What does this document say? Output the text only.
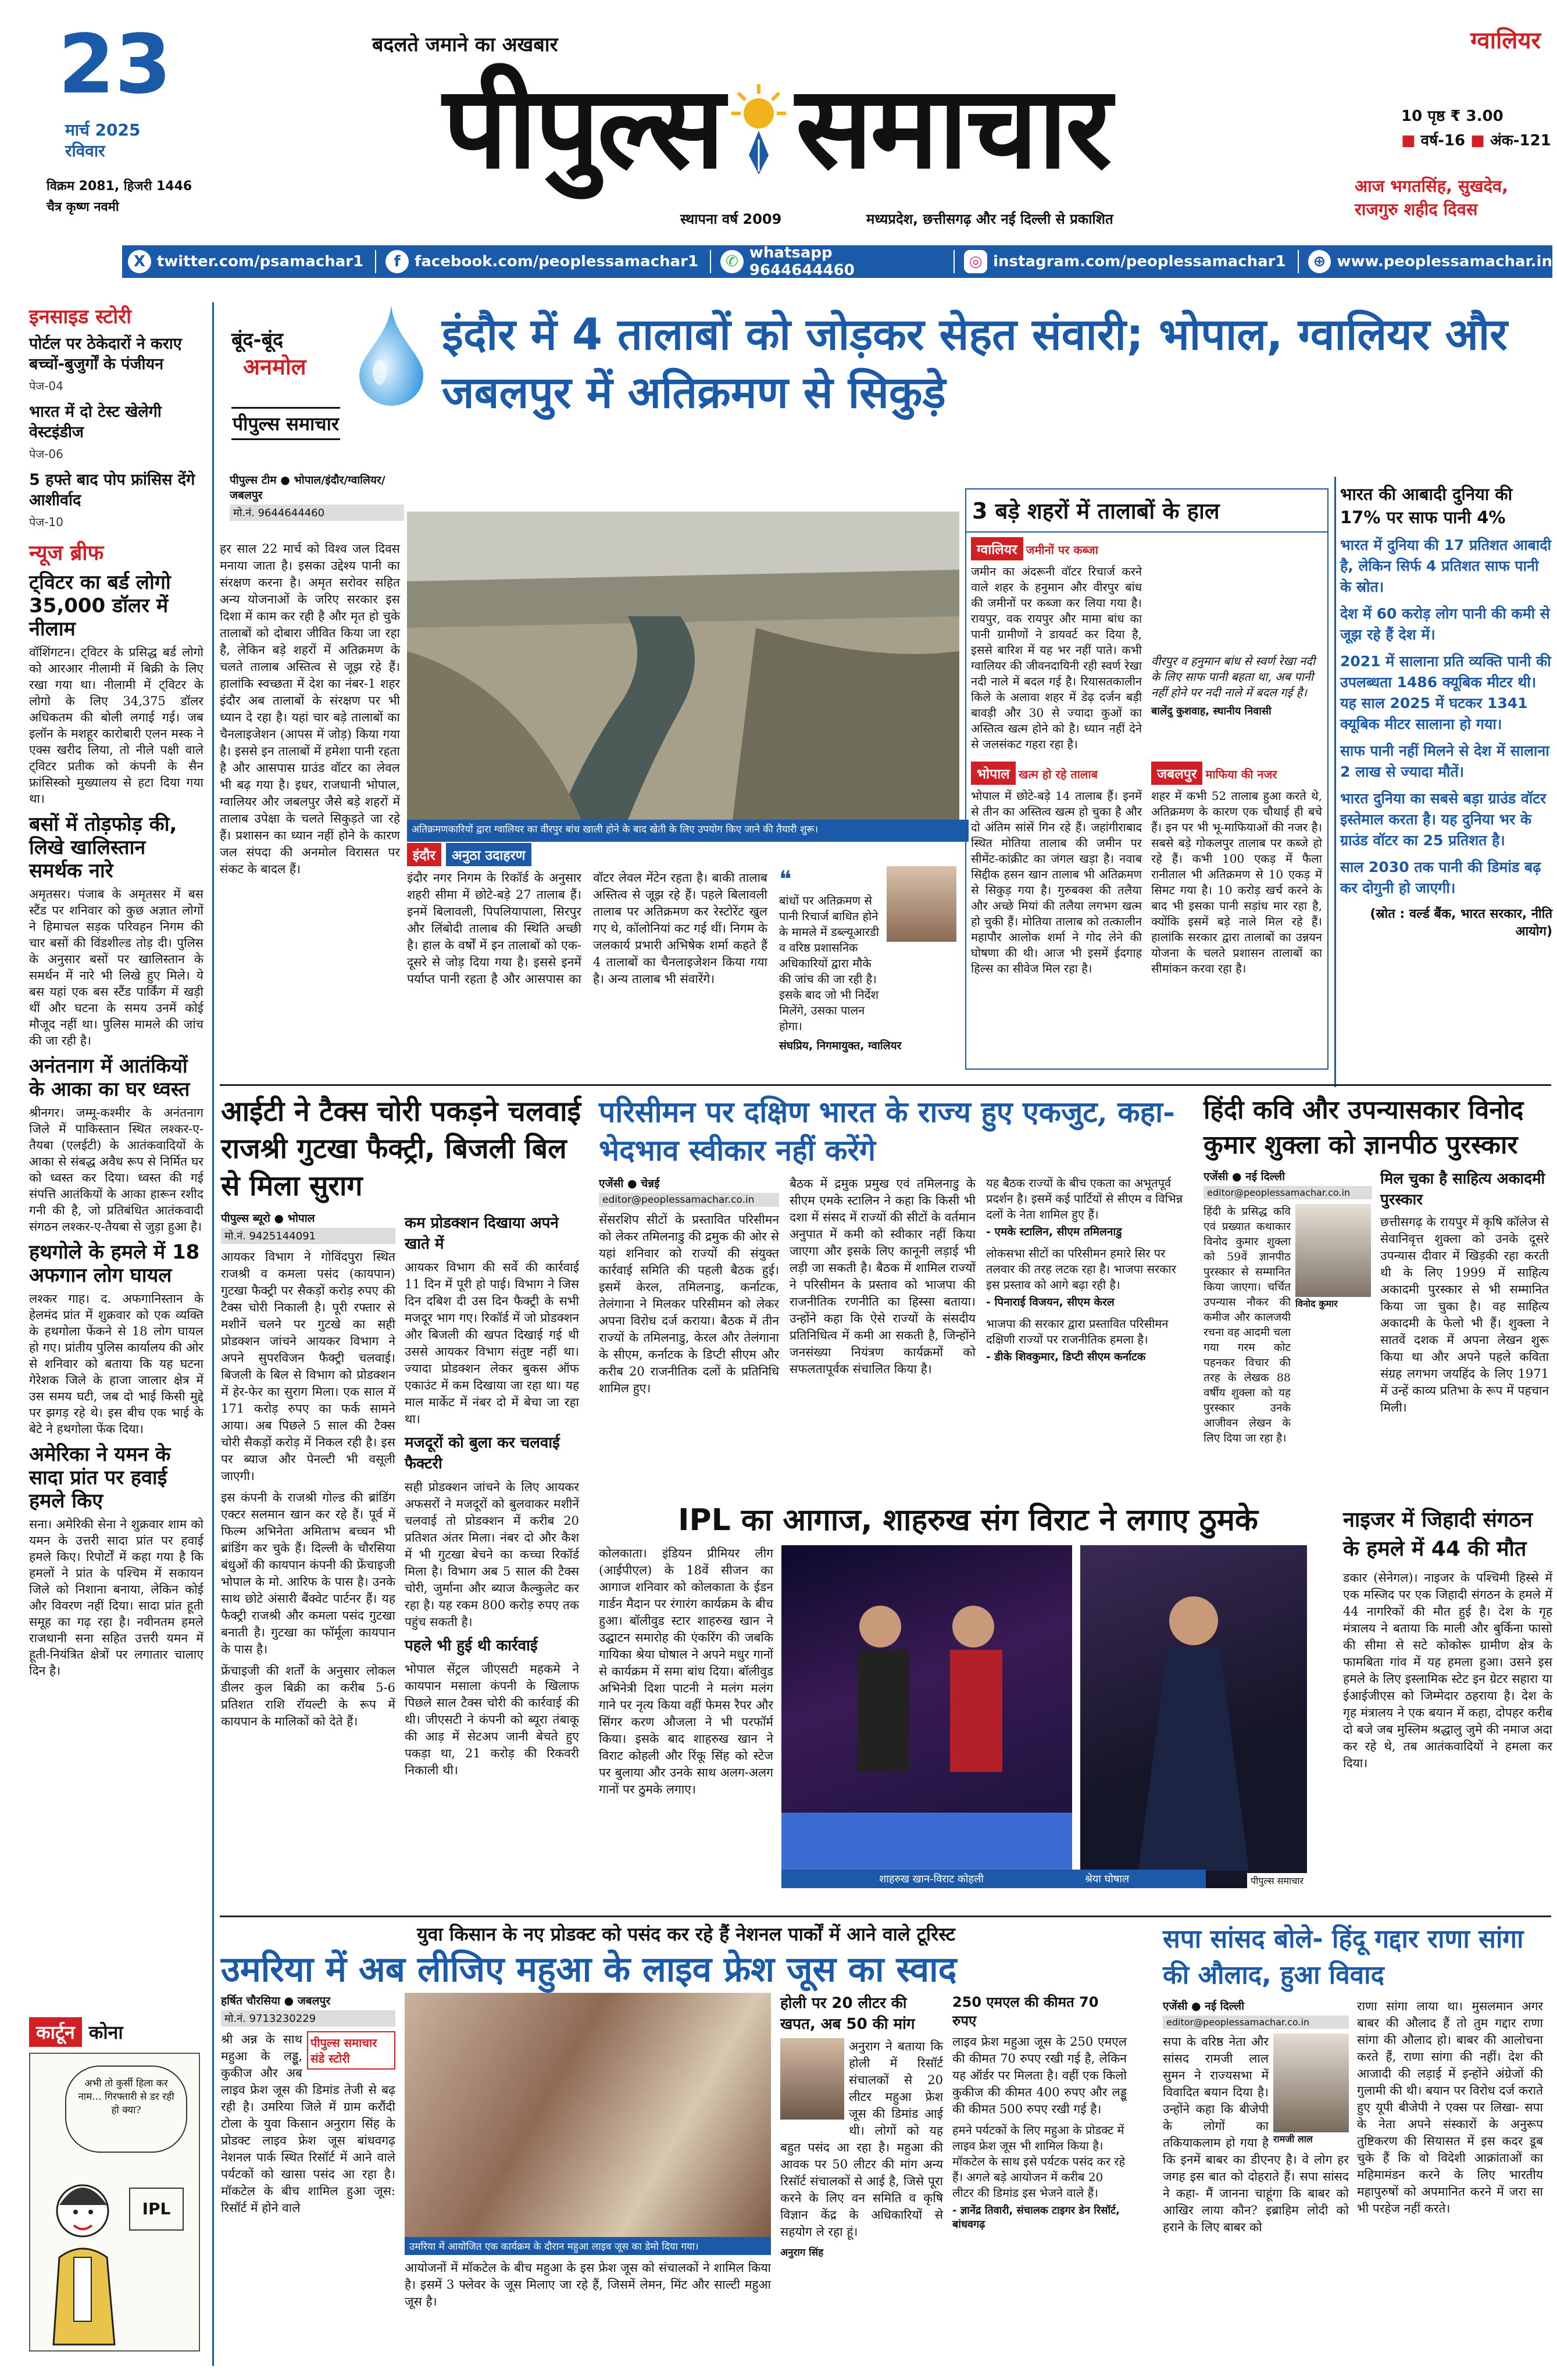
23
मार्च 2025
रविवार
विक्रम 2081, हिजरी 1446
चैत्र कृष्ण नवमी
बदलते जमाने का अखबार
पीपुल्स समाचार
स्थापना वर्ष 2009	मध्यप्रदेश, छत्तीसगढ़ और नई दिल्ली से प्रकाशित
ग्वालियर
10 पृष्ठ ₹ 3.00
■ वर्ष-16 ■ अंक-121
आज भगतसिंह, सुखदेव, राजगुरु शहीद दिवस
X twitter.com/psamachar1	f facebook.com/peoplessamachar1	✆ whatsapp 9644644460	◎ instagram.com/peoplessamachar1	⊕ www.peoplessamachar.in
इनसाइड स्टोरी
पोर्टल पर ठेकेदारों ने कराए बच्चों-बुजुर्गों के पंजीयन
पेज-04
भारत में दो टेस्ट खेलेगी वेस्टइंडीज
पेज-06
5 हफ्ते बाद पोप फ्रांसिस देंगे आशीर्वाद
पेज-10
न्यूज ब्रीफ
ट्विटर का बर्ड लोगो 35,000 डॉलर में नीलाम
वॉशिंगटन। ट्विटर के प्रसिद्ध बर्ड लोगो को आरआर नीलामी में बिक्री के लिए रखा गया था। नीलामी में ट्विटर के लोगो के लिए 34,375 डॉलर अधिकतम की बोली लगाई गई। जब इलॉन के मशहूर कारोबारी एलन मस्क ने एक्स खरीद लिया, तो नीले पक्षी वाले ट्विटर प्रतीक को कंपनी के सैन फ्रांसिस्को मुख्यालय से हटा दिया गया था।
बसों में तोड़फोड़ की, लिखे खालिस्तान समर्थक नारे
अमृतसर। पंजाब के अमृतसर में बस स्टैंड पर शनिवार को कुछ अज्ञात लोगों ने हिमाचल सड़क परिवहन निगम की चार बसों की विंडशील्ड तोड़ दी। पुलिस के अनुसार बसों पर खालिस्तान के समर्थन में नारे भी लिखे हुए मिले। ये बस यहां एक बस स्टैंड पार्किंग में खड़ी थीं और घटना के समय उनमें कोई मौजूद नहीं था। पुलिस मामले की जांच की जा रही है।
अनंतनाग में आतंकियों के आका का घर ध्वस्त
श्रीनगर। जम्मू-कश्मीर के अनंतनाग जिले में पाकिस्तान स्थित लश्कर-ए-तैयबा (एलईटी) के आतंकवादियों के आका से संबद्ध अवैध रूप से निर्मित घर को ध्वस्त कर दिया। ध्वस्त की गई संपत्ति आतंकियों के आका हारून रशीद गनी की है, जो प्रतिबंधित आतंकवादी संगठन लश्कर-ए-तैयबा से जुड़ा हुआ है।
हथगोले के हमले में 18 अफगान लोग घायल
लश्कर गाह। द. अफगानिस्तान के हेलमंद प्रांत में शुक्रवार को एक व्यक्ति के हथगोला फेंकने से 18 लोग घायल हो गए। प्रांतीय पुलिस कार्यालय की ओर से शनिवार को बताया कि यह घटना गेरेशक जिले के हाजा जालार क्षेत्र में उस समय घटी, जब दो भाई किसी मुद्दे पर झगड़ रहे थे। इस बीच एक भाई के बेटे ने हथगोला फेंक दिया।
अमेरिका ने यमन के सादा प्रांत पर हवाई हमले किए
सना। अमेरिकी सेना ने शुक्रवार शाम को यमन के उत्तरी सादा प्रांत पर हवाई हमले किए। रिपोर्टों में कहा गया है कि हमलों ने प्रांत के पश्चिम में सकायन जिले को निशाना बनाया, लेकिन कोई और विवरण नहीं दिया। सादा प्रांत हूती समूह का गढ़ रहा है। नवीनतम हमले राजधानी सना सहित उत्तरी यमन में हूती-नियंत्रित क्षेत्रों पर लगातार चालाए दिन है।
कार्टून कोना
अभी तो कुर्सी हिला कर नाम... गिरफ्तारी से डर रही हो क्या?
IPL
बूंद-बूंद
अनमोल
पीपुल्स समाचार
इंदौर में 4 तालाबों को जोड़कर सेहत संवारी; भोपाल, ग्वालियर और जबलपुर में अतिक्रमण से सिकुड़े
पीपुल्स टीम ● भोपाल/इंदौर/ग्वालियर/जबलपुर
मो.नं. 9644644460
अतिक्रमणकारियों द्वारा ग्वालियर का वीरपुर बांध खाली होने के बाद खेती के लिए उपयोग किए जाने की तैयारी शुरू।

हर साल 22 मार्च को विश्व जल दिवस मनाया जाता है। इसका उद्देश्य पानी का संरक्षण करना है। अमृत सरोवर सहित अन्य योजनाओं के जरिए सरकार इस दिशा में काम कर रही है और मृत हो चुके तालाबों को दोबारा जीवित किया जा रहा है, लेकिन बड़े शहरों में अतिक्रमण के चलते तालाब अस्तित्व से जूझ रहे हैं। हालांकि स्वच्छता में देश का नंबर-1 शहर इंदौर अब तालाबों के संरक्षण पर भी ध्यान दे रहा है। यहां चार बड़े तालाबों का चैनलाइजेशन (आपस में जोड़) किया गया है। इससे इन तालाबों में हमेशा पानी रहता है और आसपास ग्राउंड वॉटर का लेवल भी बढ़ गया है। इधर, राजधानी भोपाल, ग्वालियर और जबलपुर जैसे बड़े शहरों में तालाब उपेक्षा के चलते सिकुड़ते जा रहे हैं। प्रशासन का ध्यान नहीं होने के कारण जल संपदा की अनमोल विरासत पर संकट के बादल हैं।

इंदौर	अनुठा उदाहरण
इंदौर नगर निगम के रिकॉर्ड के अनुसार शहरी सीमा में छोटे-बड़े 27 तालाब हैं। इनमें बिलावली, पिपलियापाला, सिरपुर और लिंबोदी तालाब की स्थिति अच्छी है। हाल के वर्षों में इन तालाबों को एक-दूसरे से जोड़ दिया गया है। इससे इनमें पर्याप्त पानी रहता है और आसपास का वॉटर लेवल मेंटेन रहता है। बाकी तालाब अस्तित्व से जूझ रहे हैं। पहले बिलावली तालाब पर अतिक्रमण कर रेस्टोरेंट खुल गए थे, कॉलोनियां कट गई थीं। निगम के जलकार्य प्रभारी अभिषेक शर्मा कहते हैं 4 तालाबों का चैनलाइजेशन किया गया है। अन्य तालाब भी संवारेंगे।
❝
बांधों पर अतिक्रमण से पानी रिचार्ज बाधित होने के मामले में डब्ल्यूआरडी व वरिष्ठ प्रशासनिक अधिकारियों द्वारा मौके की जांच की जा रही है। इसके बाद जो भी निर्देश मिलेंगे, उसका पालन होगा।
संघप्रिय, निगमायुक्त, ग्वालियर
3 बड़े शहरों में तालाबों के हाल
ग्वालियर जमीनों पर कब्जा
जमीन का अंदरूनी वॉटर रिचार्ज करने वाले शहर के हनुमान और वीरपुर बांध की जमीनों पर कब्जा कर लिया गया है। रायपुर, वक रायपुर और मामा बांध का पानी ग्रामीणों ने डायवर्ट कर दिया है, इससे बारिश में यह भर नहीं पाते। कभी ग्वालियर की जीवनदायिनी रही स्वर्ण रेखा नदी नाले में बदल गई है। रियासतकालीन किले के अलावा शहर में डेढ़ दर्जन बड़ी बावड़ी और 30 से ज्यादा कुओं का अस्तित्व खत्म होने को है। ध्यान नहीं देने से जलसंकट गहरा रहा है।
वीरपुर व हनुमान बांध से स्वर्ण रेखा नदी के लिए साफ पानी बहता था, अब पानी नहीं होने पर नदी नाले में बदल गई है।
बालेंदु कुशवाह, स्थानीय निवासी
भोपाल खत्म हो रहे तालाब
भोपाल में छोटे-बड़े 14 तालाब हैं। इनमें से तीन का अस्तित्व खत्म हो चुका है और दो अंतिम सांसें गिन रहे हैं। जहांगीराबाद स्थित मोतिया तालाब की जमीन पर सीमेंट-कांक्रीट का जंगल खड़ा है। नवाब सिद्दीक हसन खान तालाब भी अतिक्रमण से सिकुड़ गया है। गुरुबक्श की तलैया और अच्छे मियां की तलैया लगभग खत्म हो चुकी हैं। मोतिया तालाब को तत्कालीन महापौर आलोक शर्मा ने गोद लेने की घोषणा की थी। आज भी इसमें ईदगाह हिल्स का सीवेज मिल रहा है।
जबलपुर माफिया की नजर
शहर में कभी 52 तालाब हुआ करते थे, अतिक्रमण के कारण एक चौथाई ही बचे हैं। इन पर भी भू-माफियाओं की नजर है। सबसे बड़े गोकलपुर तालाब पर कब्जे हो रहे हैं। कभी 100 एकड़ में फैला रानीताल भी अतिक्रमण से 10 एकड़ में सिमट गया है। 10 करोड़ खर्च करने के बाद भी इसका पानी सड़ांध मार रहा है, क्योंकि इसमें बड़े नाले मिल रहे हैं। हालांकि सरकार द्वारा तालाबों का उन्नयन योजना के चलते प्रशासन तालाबों का सीमांकन करवा रहा है।
भारत की आबादी दुनिया की 17% पर साफ पानी 4%
भारत में दुनिया की 17 प्रतिशत आबादी है, लेकिन सिर्फ 4 प्रतिशत साफ पानी के स्रोत।
देश में 60 करोड़ लोग पानी की कमी से जूझ रहे हैं देश में।
2021 में सालाना प्रति व्यक्ति पानी की उपलब्धता 1486 क्यूबिक मीटर थी। यह साल 2025 में घटकर 1341 क्यूबिक मीटर सालाना हो गया।
साफ पानी नहीं मिलने से देश में सालाना 2 लाख से ज्यादा मौतें।
भारत दुनिया का सबसे बड़ा ग्राउंड वॉटर इस्तेमाल करता है। यह दुनिया भर के ग्राउंड वॉटर का 25 प्रतिशत है।
साल 2030 तक पानी की डिमांड बढ़ कर दोगुनी हो जाएगी।
(स्रोत : वर्ल्ड बैंक, भारत सरकार, नीति आयोग)
आईटी ने टैक्स चोरी पकड़ने चलवाई राजश्री गुटखा फैक्ट्री, बिजली बिल से मिला सुराग
पीपुल्स ब्यूरो ● भोपाल
मो.नं. 9425144091

आयकर विभाग ने गोविंदपुरा स्थित राजश्री व कमला पसंद (कायपान) गुटखा फैक्ट्री पर सैकड़ों करोड़ रुपए की टैक्स चोरी निकाली है। पूरी रफ्तार से मशीनें चलने पर गुटखे का सही प्रोडक्शन जांचने आयकर विभाग ने अपने सुपरविजन फैक्ट्री चलवाई। बिजली के बिल से विभाग को प्रोडक्शन में हेर-फेर का सुराग मिला। एक साल में 171 करोड़ रुपए का फर्क सामने आया। अब पिछले 5 साल की टैक्स चोरी सैकड़ों करोड़ में निकल रही है। इस पर ब्याज और पेनल्टी भी वसूली जाएगी।

इस कंपनी के राजश्री गोल्ड की ब्रांडिंग एक्टर सलमान खान कर रहे हैं। पूर्व में फिल्म अभिनेता अमिताभ बच्चन भी ब्रांडिंग कर चुके हैं। दिल्ली के चौरसिया बंधुओं की कायपान कंपनी की फ्रेंचाइजी भोपाल के मो. आरिफ के पास है। उनके साथ छोटे अंसारी बैंक्वेट पार्टनर हैं। यह फैक्ट्री राजश्री और कमला पसंद गुटखा बनाती है। गुटखा का फॉर्मूला कायपान के पास है।

फ्रेंचाइजी की शर्तों के अनुसार लोकल डीलर कुल बिक्री का करीब 5-6 प्रतिशत राशि रॉयल्टी के रूप में कायपान के मालिकों को देते हैं।

कम प्रोडक्शन दिखाया अपने खाते में

आयकर विभाग की सर्वे की कार्रवाई 11 दिन में पूरी हो पाई। विभाग ने जिस दिन दबिश दी उस दिन फैक्ट्री के सभी मजदूर भाग गए। रिकॉर्ड में जो प्रोडक्शन और बिजली की खपत दिखाई गई थी उससे आयकर विभाग संतुष्ट नहीं था। ज्यादा प्रोडक्शन लेकर बुकस ऑफ एकाउंट में कम दिखाया जा रहा था। यह माल मार्केट में नंबर दो में बेचा जा रहा था।

मजदूरों को बुला कर चलवाई फैक्टरी

सही प्रोडक्शन जांचने के लिए आयकर अफसरों ने मजदूरों को बुलवाकर मशीनें चलवाई तो प्रोडक्शन में करीब 20 प्रतिशत अंतर मिला। नंबर दो और कैश में भी गुटखा बेचने का कच्चा रिकॉर्ड मिला है। विभाग अब 5 साल की टैक्स चोरी, जुर्माना और ब्याज कैल्कुलेट कर रहा है। यह रकम 800 करोड़ रुपए तक पहुंच सकती है।

पहले भी हुई थी कार्रवाई

भोपाल सेंट्रल जीएसटी महकमे ने कायपान मसाला कंपनी के खिलाफ पिछले साल टैक्स चोरी की कार्रवाई की थी। जीएसटी ने कंपनी को ब्यूरा तंबाकू की आड़ में सेटअप जानी बेचते हुए पकड़ा था, 21 करोड़ की रिकवरी निकाली थी।

परिसीमन पर दक्षिण भारत के राज्य हुए एकजुट, कहा- भेदभाव स्वीकार नहीं करेंगे
एजेंसी ● चेन्नई
editor@peoplessamachar.co.in

सेंसरशिप सीटों के प्रस्तावित परिसीमन को लेकर तमिलनाडु की द्रमुक की ओर से यहां शनिवार को राज्यों की संयुक्त कार्रवाई समिति की पहली बैठक हुई। इसमें केरल, तमिलनाडु, कर्नाटक, तेलंगाना ने मिलकर परिसीमन को लेकर अपना विरोध दर्ज कराया। बैठक में तीन राज्यों के तमिलनाडु, केरल और तेलंगाना के सीएम, कर्नाटक के डिप्टी सीएम और करीब 20 राजनीतिक दलों के प्रतिनिधि शामिल हुए।

बैठक में द्रमुक प्रमुख एवं तमिलनाडु के सीएम एमके स्टालिन ने कहा कि किसी भी दशा में संसद में राज्यों की सीटों के वर्तमान अनुपात में कमी को स्वीकार नहीं किया जाएगा और इसके लिए कानूनी लड़ाई भी लड़ी जा सकती है। बैठक में शामिल राज्यों ने परिसीमन के प्रस्ताव को भाजपा की राजनीतिक रणनीति का हिस्सा बताया। उन्होंने कहा कि ऐसे राज्यों के संसदीय प्रतिनिधित्व में कमी आ सकती है, जिन्होंने जनसंख्या नियंत्रण कार्यक्रमों को सफलतापूर्वक संचालित किया है।

यह बैठक राज्यों के बीच एकता का अभूतपूर्व प्रदर्शन है। इसमें कई पार्टियों से सीएम व विभिन्न दलों के नेता शामिल हुए हैं।
- एमके स्टालिन, सीएम तमिलनाडु
लोकसभा सीटों का परिसीमन हमारे सिर पर तलवार की तरह लटक रहा है। भाजपा सरकार इस प्रस्ताव को आगे बढ़ा रही है।
- पिनाराई विजयन, सीएम केरल
भाजपा की सरकार द्वारा प्रस्तावित परिसीमन दक्षिणी राज्यों पर राजनीतिक हमला है।
- डीके शिवकुमार, डिप्टी सीएम कर्नाटक
हिंदी कवि और उपन्यासकार विनोद कुमार शुक्ला को ज्ञानपीठ पुरस्कार
एजेंसी ● नई दिल्ली
editor@peoplessamachar.co.in

हिंदी के प्रसिद्ध कवि एवं प्रख्यात कथाकार विनोद कुमार शुक्ला को 59वें ज्ञानपीठ पुरस्कार से सम्मानित किया जाएगा। चर्चित उपन्यास नौकर की कमीज और कालजयी रचना वह आदमी चला गया गरम कोट पहनकर विचार की तरह के लेखक 88 वर्षीय शुक्ला को यह पुरस्कार उनके आजीवन लेखन के लिए दिया जा रहा है।

विनोद कुमार
मिल चुका है साहित्य अकादमी पुरस्कार

छत्तीसगढ़ के रायपुर में कृषि कॉलेज से सेवानिवृत्त शुक्ला को उनके दूसरे उपन्यास दीवार में खिड़की रहा करती थी के लिए 1999 में साहित्य अकादमी पुरस्कार से भी सम्मानित किया जा चुका है। वह साहित्य अकादमी के फेलो भी हैं। शुक्ला ने सातवें दशक में अपना लेखन शुरू किया था और अपने पहले कविता संग्रह लगभग जयहिंद के लिए 1971 में उन्हें काव्य प्रतिभा के रूप में पहचान मिली।

IPL का आगाज, शाहरुख संग विराट ने लगाए ठुमके

कोलकाता। इंडियन प्रीमियर लीग (आईपीएल) के 18वें सीजन का आगाज शनिवार को कोलकाता के ईडन गार्डन मैदान पर रंगारंग कार्यक्रम के बीच हुआ। बॉलीवुड स्टार शाहरुख खान ने उद्घाटन समारोह की एंकरिंग की जबकि गायिका श्रेया घोषाल ने अपने मधुर गानों से कार्यक्रम में समा बांध दिया। बॉलीवुड अभिनेत्री दिशा पाटनी ने मलंग मलंग गाने पर नृत्य किया वहीं फेमस रैपर और सिंगर करण औजला ने भी परफॉर्म किया। इसके बाद शाहरुख खान ने विराट कोहली और रिंकू सिंह को स्टेज पर बुलाया और उनके साथ अलग-अलग गानों पर ठुमके लगाए।

शाहरुख खान-विराट कोहली	श्रेया घोषाल	पीपुल्स समाचार
नाइजर में जिहादी संगठन के हमले में 44 की मौत

डकार (सेनेगल)। नाइजर के पश्चिमी हिस्से में एक मस्जिद पर एक जिहादी संगठन के हमले में 44 नागरिकों की मौत हुई है। देश के गृह मंत्रालय ने बताया कि माली और बुर्किना फासो की सीमा से सटे कोकोरू ग्रामीण क्षेत्र के फामबिता गांव में यह हमला हुआ। उसने इस हमले के लिए इस्लामिक स्टेट इन ग्रेटर सहारा या ईआईजीएस को जिम्मेदार ठहराया है। देश के गृह मंत्रालय ने एक बयान में कहा, दोपहर करीब दो बजे जब मुस्लिम श्रद्धालु जुमे की नमाज अदा कर रहे थे, तब आतंकवादियों ने हमला कर दिया।

युवा किसान के नए प्रोडक्ट को पसंद कर रहे हैं नेशनल पार्कों में आने वाले टूरिस्ट
उमरिया में अब लीजिए महुआ के लाइव फ्रेश जूस का स्वाद
हर्षित चौरसिया ● जबलपुर
मो.नं. 9713230229
पीपुल्स समाचार संडे स्टोरी

श्री अन्न के साथ महुआ के लड्डू, कुकीज और अब लाइव फ्रेश जूस की डिमांड तेजी से बढ़ रही है। उमरिया जिले में ग्राम करौंदी टोला के युवा किसान अनुराग सिंह के प्रोडक्ट लाइव फ्रेश जूस बांधवगढ़ नेशनल पार्क स्थित रिसॉर्ट में आने वाले पर्यटकों को खासा पसंद आ रहा है। मॉकटेल के बीच शामिल हुआ जूस: रिसॉर्ट में होने वाले

उमरिया में आयोजित एक कार्यक्रम के दौरान महुआ लाइव जूस का डेमो दिया गया।

आयोजनों में मॉकटेल के बीच महुआ के इस फ्रेश जूस को संचालकों ने शामिल किया है। इसमें 3 फ्लेवर के जूस मिलाए जा रहे हैं, जिसमें लेमन, मिंट और साल्टी महुआ जूस है।

होली पर 20 लीटर की खपत, अब 50 की मांग

अनुराग ने बताया कि होली में रिसॉर्ट संचालकों से 20 लीटर महुआ फ्रेश जूस की डिमांड आई थी। लोगों को यह बहुत पसंद आ रहा है। महुआ की आवक पर 50 लीटर की मांग अन्य रिसॉर्ट संचालकों से आई है, जिसे पूरा करने के लिए वन समिति व कृषि विज्ञान केंद्र के अधिकारियों से सहयोग ले रहा हूं।

अनुराग सिंह
250 एमएल की कीमत 70 रुपए

लाइव फ्रेश महुआ जूस के 250 एमएल की कीमत 70 रुपए रखी गई है, लेकिन यह ऑर्डर पर मिलता है। वहीं एक किलो कुकीज की कीमत 400 रुपए और लड्डू की कीमत 500 रुपए रखी गई है।

हमने पर्यटकों के लिए महुआ के प्रोडक्ट में लाइव फ्रेश जूस भी शामिल किया है। मॉकटेल के साथ इसे पर्यटक पसंद कर रहे हैं। अगले बड़े आयोजन में करीब 20 लीटर की डिमांड इस भेजने वाले हैं।
- ज्ञानेंद्र तिवारी, संचालक टाइगर डेन रिसॉर्ट, बांधवगढ़
सपा सांसद बोले- हिंदू गद्दार राणा सांगा की औलाद, हुआ विवाद
एजेंसी ● नई दिल्ली
editor@peoplessamachar.co.in
रामजी लाल

सपा के वरिष्ठ नेता और सांसद रामजी लाल सुमन ने राज्यसभा में विवादित बयान दिया है। उन्होंने कहा कि बीजेपी के लोगों का तकियाकलाम हो गया है कि इनमें बाबर का डीएनए है। वे लोग हर जगह इस बात को दोहराते हैं। सपा सांसद ने कहा- मैं जानना चाहूंगा कि बाबर को आखिर लाया कौन? इब्राहिम लोदी को हराने के लिए बाबर को

राणा सांगा लाया था। मुसलमान अगर बाबर की औलाद हैं तो तुम गद्दार राणा सांगा की औलाद हो। बाबर की आलोचना करते हैं, राणा सांगा की नहीं। देश की आजादी की लड़ाई में इन्होंने अंग्रेजों की गुलामी की थी। बयान पर विरोध दर्ज कराते हुए यूपी बीजेपी ने एक्स पर लिखा- सपा के नेता अपने संस्कारों के अनुरूप तुष्टिकरण की सियासत में इस कदर डूब चुके हैं कि वो विदेशी आक्रांताओं का महिमामंडन करने के लिए भारतीय महापुरुषों को अपमानित करने में जरा सा भी परहेज नहीं करते।
